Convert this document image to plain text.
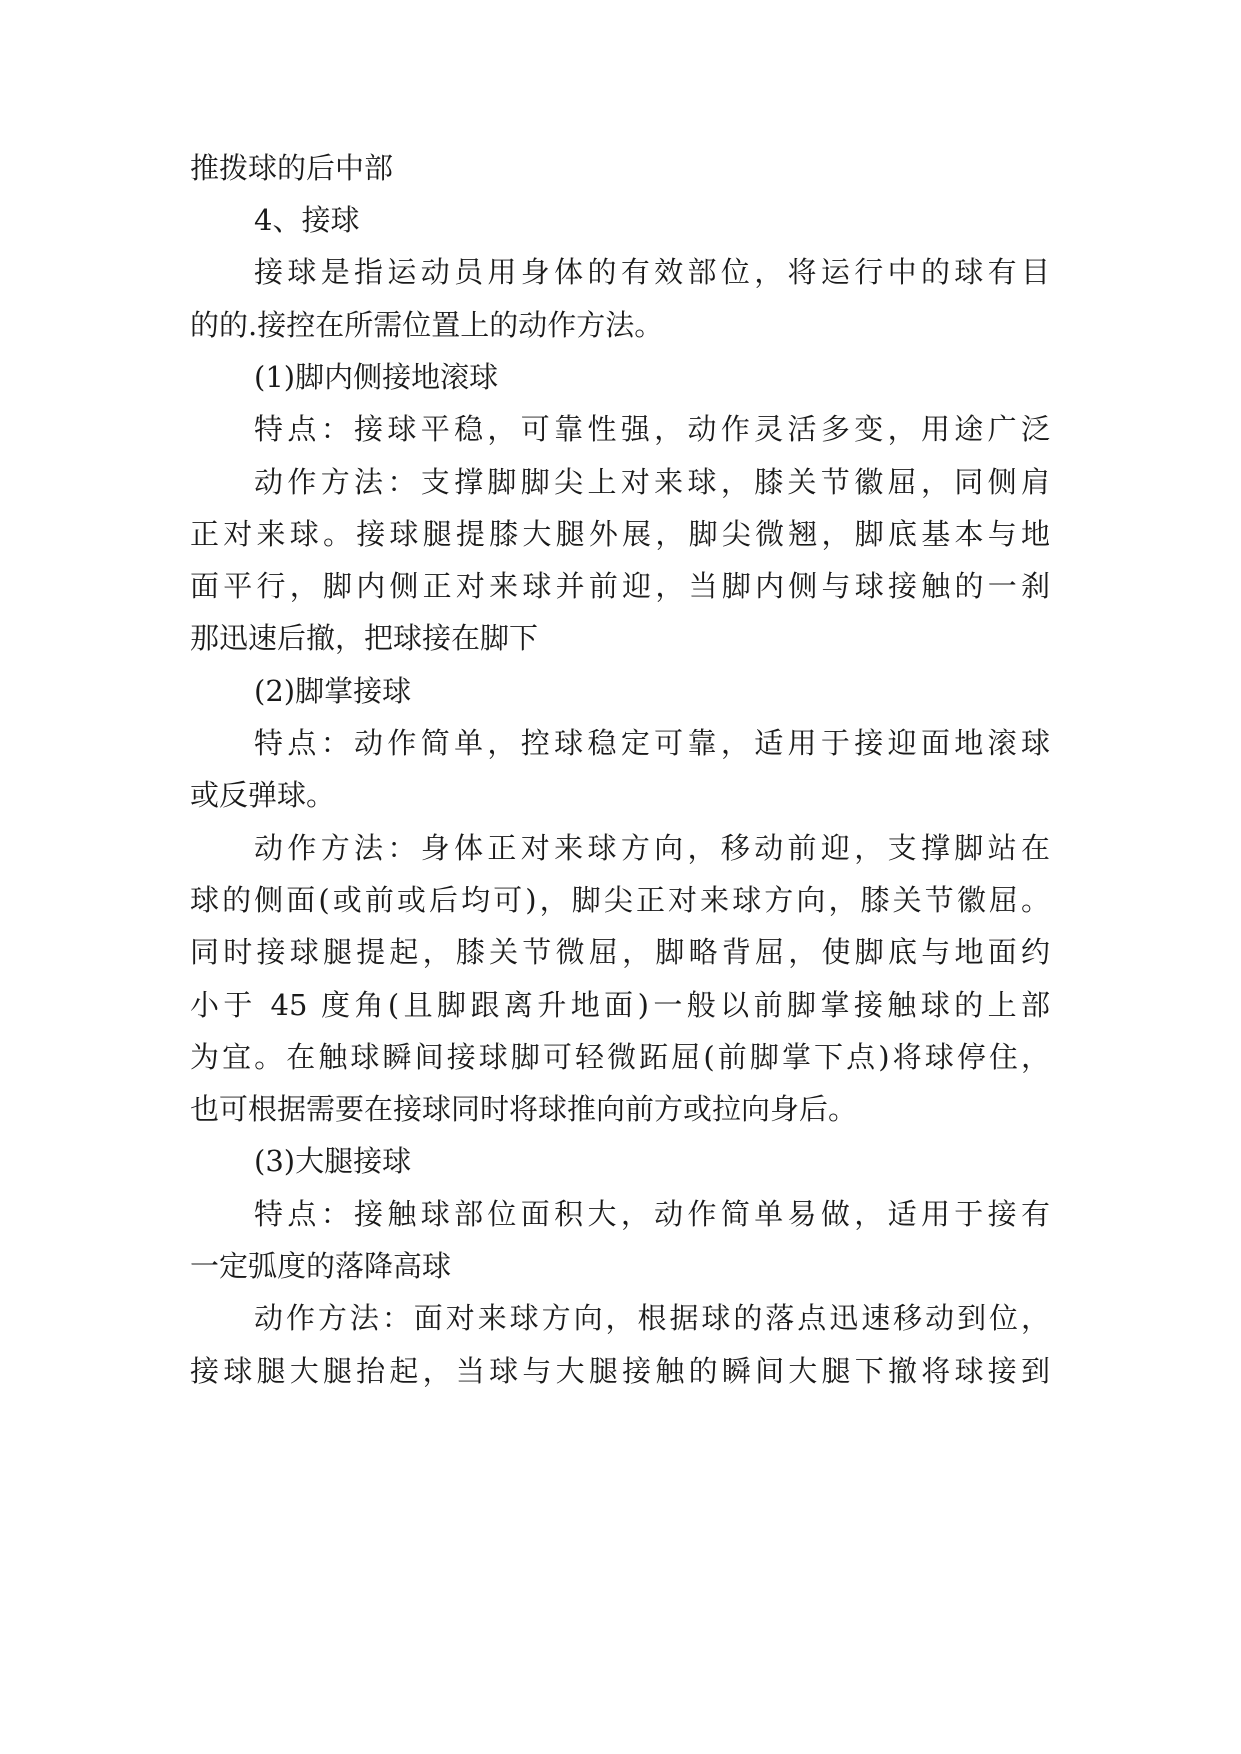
推拨球的后中部
4、接球
接球是指运动员用身体的有效部位，将运行中的球有目
的的.接控在所需位置上的动作方法。
(1)脚内侧接地滚球
特点：接球平稳，可靠性强，动作灵活多变，用途广泛
动作方法：支撑脚脚尖上对来球，膝关节徽屈，同侧肩
正对来球。接球腿提膝大腿外展，脚尖微翘，脚底基本与地
面平行，脚内侧正对来球并前迎，当脚内侧与球接触的一刹
那迅速后撤，把球接在脚下
(2)脚掌接球
特点：动作简单，控球稳定可靠，适用于接迎面地滚球
或反弹球。
动作方法：身体正对来球方向，移动前迎，支撑脚站在
球的侧面(或前或后均可)，脚尖正对来球方向，膝关节徽屈。
同时接球腿提起，膝关节微屈，脚略背屈，使脚底与地面约
小于 45 度角(且脚跟离升地面)一般以前脚掌接触球的上部
为宜。在触球瞬间接球脚可轻微跖屈(前脚掌下点)将球停住，
也可根据需要在接球同时将球推向前方或拉向身后。
(3)大腿接球
特点：接触球部位面积大，动作简单易做，适用于接有
一定弧度的落降高球
动作方法：面对来球方向，根据球的落点迅速移动到位，
接球腿大腿抬起，当球与大腿接触的瞬间大腿下撤将球接到
